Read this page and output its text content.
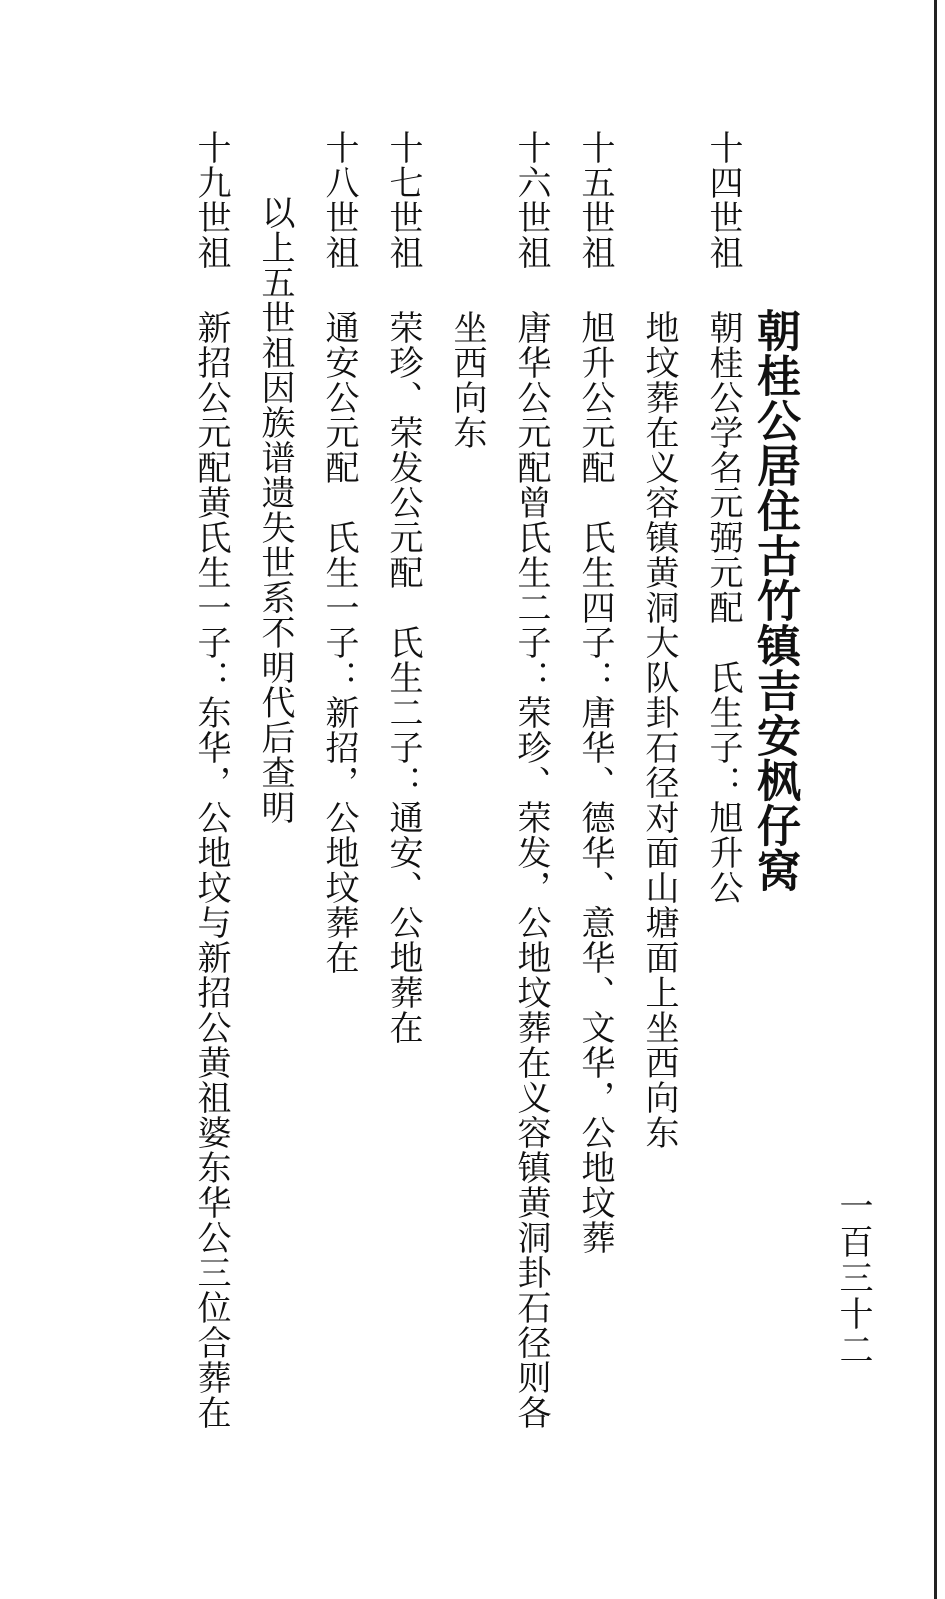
一百三十二
朝桂公居住古竹镇吉安枫仔窝
十四世祖
朝桂公学名元弼元配　氏生子：旭升公
地坟葬在义容镇黄洞大队卦石径对面山塘面上坐西向东
十五世祖
旭升公元配　氏生四子：唐华、德华、意华、文华，公地坟葬
十六世祖
唐华公元配曾氏生二子：荣珍、荣发，公地坟葬在义容镇黄洞卦石径则各
坐西向东
十七世祖
荣珍、荣发公元配　氏生二子：通安、公地葬在
十八世祖
通安公元配　氏生一子：新招，公地坟葬在
以上五世祖因族谱遗失世系不明代后查明
十九世祖
新招公元配黄氏生一子：东华，公地坟与新招公黄祖婆东华公三位合葬在
